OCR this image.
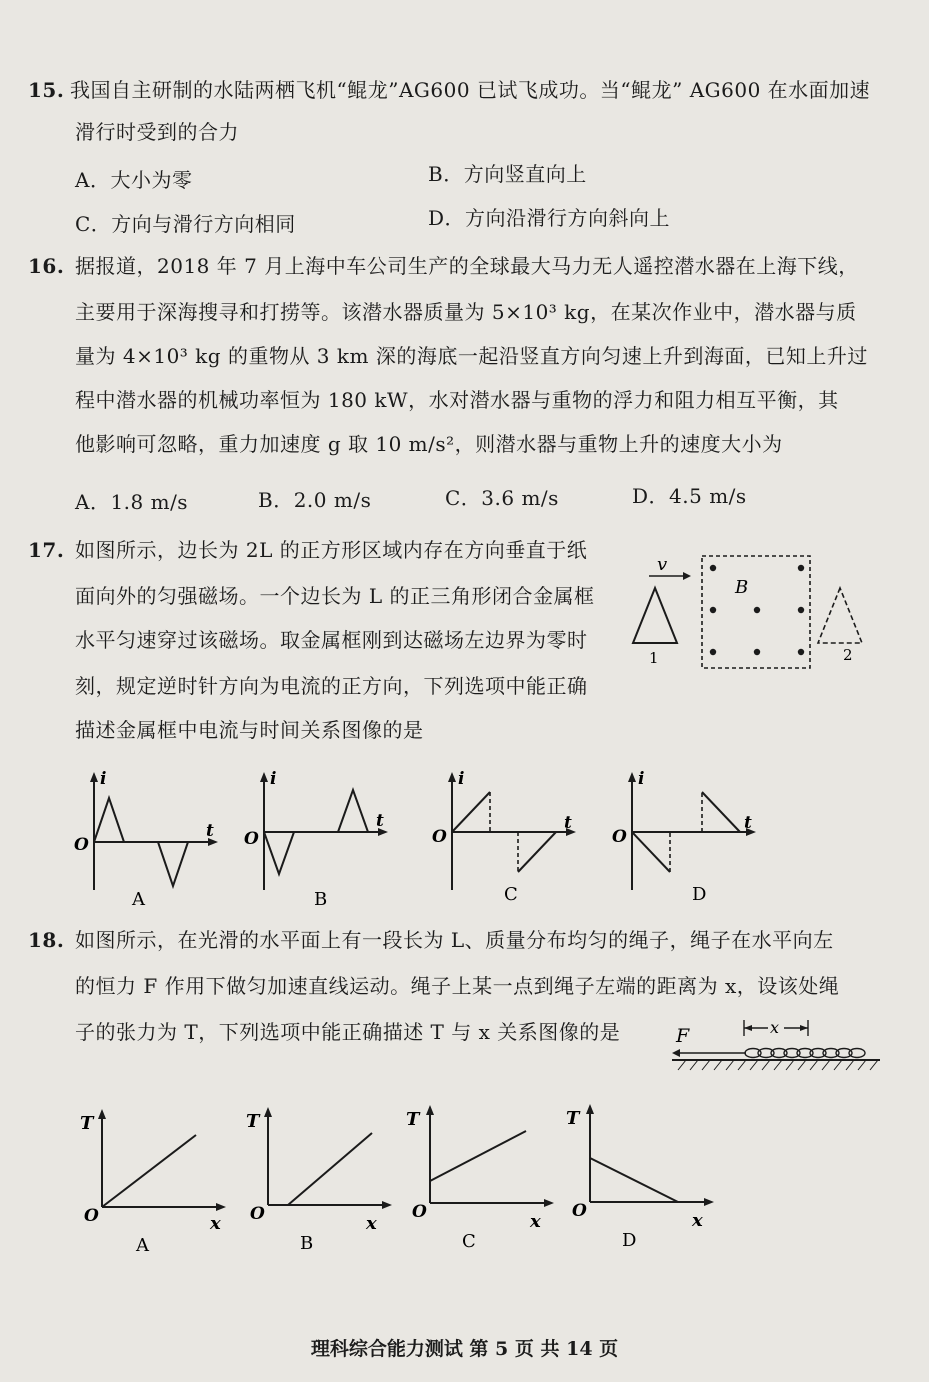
15. 我国自主研制的水陆两栖飞机“鲲龙”AG600 已试飞成功。当“鲲龙” AG600 在水面加速
滑行时受到的合力
A．大小为零	B．方向竖直向上
C．方向与滑行方向相同	D．方向沿滑行方向斜向上
16. 据报道，2018 年 7 月上海中车公司生产的全球最大马力无人遥控潜水器在上海下线，
主要用于深海搜寻和打捞等。该潜水器质量为 5×10³ kg，在某次作业中，潜水器与质
量为 4×10³ kg 的重物从 3 km 深的海底一起沿竖直方向匀速上升到海面，已知上升过
程中潜水器的机械功率恒为 180 kW，水对潜水器与重物的浮力和阻力相互平衡，其
他影响可忽略，重力加速度 g 取 10 m/s²，则潜水器与重物上升的速度大小为
A．1.8 m/s	B．2.0 m/s	C．3.6 m/s	D．4.5 m/s
17. 如图所示，边长为 2L 的正方形区域内存在方向垂直于纸
面向外的匀强磁场。一个边长为 L 的正三角形闭合金属框
水平匀速穿过该磁场。取金属框刚到达磁场左边界为零时
刻，规定逆时针方向为电流的正方向，下列选项中能正确
描述金属框中电流与时间关系图像的是
v
1
B
2
i
t
O
A
i
t
O
B
i
t
O
C
i
t
O
D
18. 如图所示，在光滑的水平面上有一段长为 L、质量分布均匀的绳子，绳子在水平向左
的恒力 F 作用下做匀加速直线运动。绳子上某一点到绳子左端的距离为 x，设该处绳
子的张力为 T，下列选项中能正确描述 T 与 x 关系图像的是	F	x
T
x
O
A
T
x
O
B
T
x
O
C
T
x
O
D
理科综合能力测试 第 5 页 共 14 页
